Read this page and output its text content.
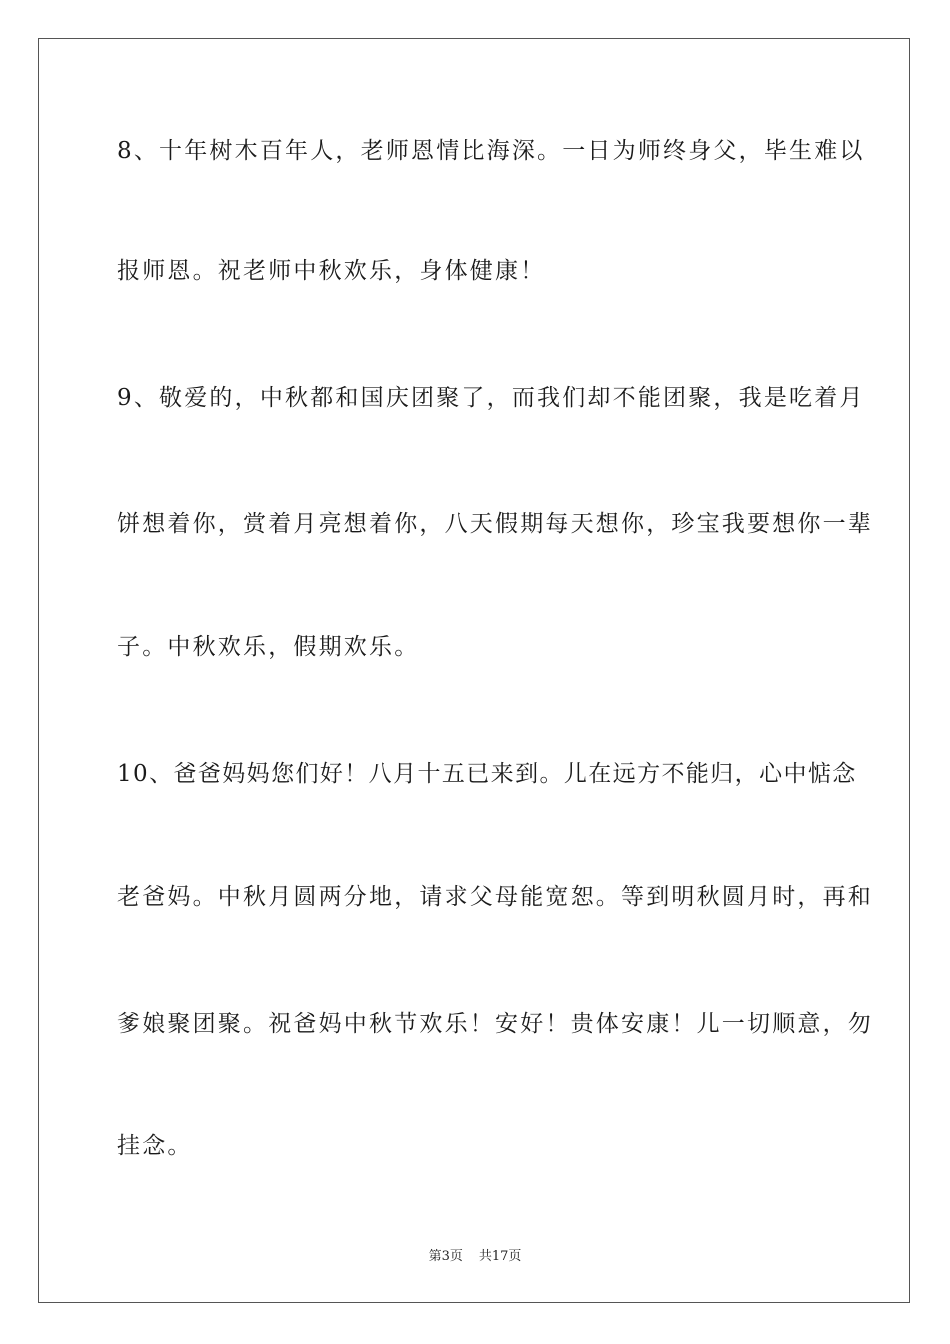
8、十年树木百年人，老师恩情比海深。一日为师终身父，毕生难以
报师恩。祝老师中秋欢乐，身体健康！
9、敬爱的，中秋都和国庆团聚了，而我们却不能团聚，我是吃着月
饼想着你，赏着月亮想着你，八天假期每天想你，珍宝我要想你一辈
子。中秋欢乐，假期欢乐。
10、爸爸妈妈您们好！八月十五已来到。儿在远方不能归，心中惦念
老爸妈。中秋月圆两分地，请求父母能宽恕。等到明秋圆月时，再和
爹娘聚团聚。祝爸妈中秋节欢乐！安好！贵体安康！儿一切顺意，勿
挂念。
第3页 共17页
